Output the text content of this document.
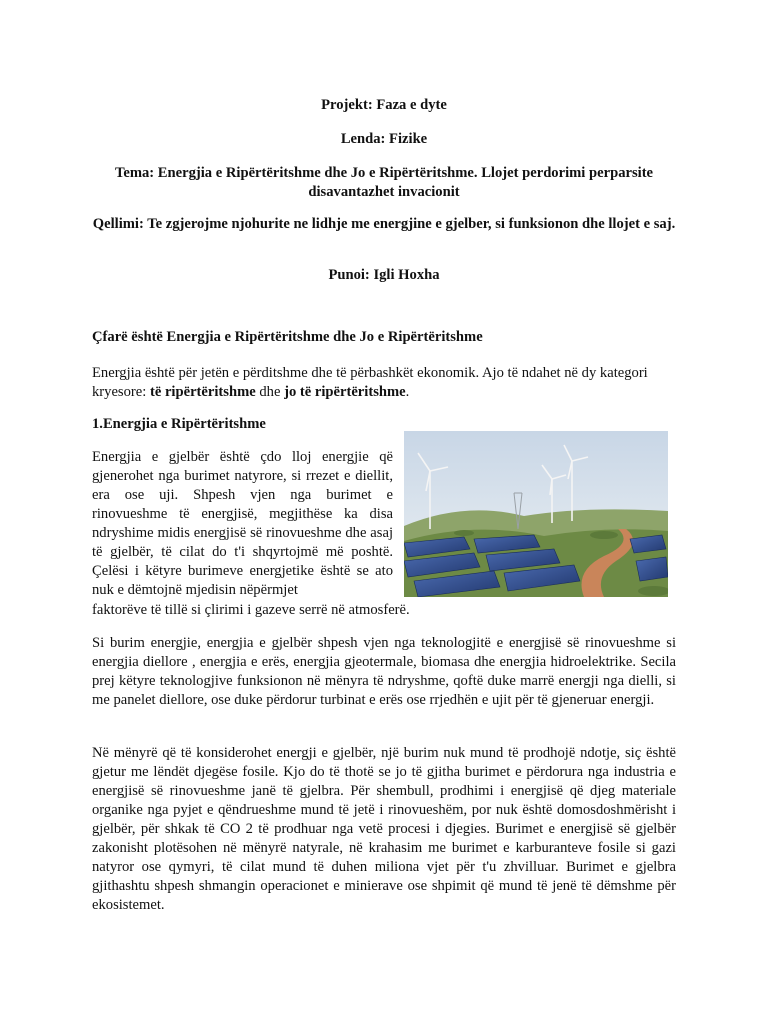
Projekt: Faza e dyte
Lenda: Fizike
Tema: Energjia e Ripërtëritshme dhe Jo e Ripërtëritshme. Llojet perdorimi perparsite disavantazhet invacionit
Qellimi: Te zgjerojme njohurite ne lidhje me energjine e gjelber, si funksionon dhe llojet e saj.
Punoi: Igli Hoxha
Çfarë është Energjia e Ripërtëritshme dhe Jo e Ripërtëritshme

Energjia është për jetën e përditshme dhe të përbashkët ekonomik. Ajo të ndahet në dy kategori kryesore: të ripërtëritshme dhe jo të ripërtëritshme.

1.Energjia e Ripërtëritshme

Energjia e gjelbër është çdo lloj energjie që gjenerohet nga burimet natyrore, si rrezet e diellit, era ose uji. Shpesh vjen nga burimet e rinovueshme të energjisë, megjithëse ka disa ndryshime midis energjisë së rinovueshme dhe asaj të gjelbër, të cilat do t'i shqyrtojmë më poshtë. Çelësi i këtyre burimeve energjetike është se ato nuk e dëmtojnë mjedisin nëpërmjet

faktorëve të tillë si çlirimi i gazeve serrë në atmosferë.

Si burim energjie, energjia e gjelbër shpesh vjen nga teknologjitë e energjisë së rinovueshme si energjia diellore , energjia e erës, energjia gjeotermale, biomasa dhe energjia hidroelektrike. Secila prej këtyre teknologjive funksionon në mënyra të ndryshme, qoftë duke marrë energji nga dielli, si me panelet diellore, ose duke përdorur turbinat e erës ose rrjedhën e ujit për të gjeneruar energji.

Në mënyrë që të konsiderohet energji e gjelbër, një burim nuk mund të prodhojë ndotje, siç është gjetur me lëndët djegëse fosile. Kjo do të thotë se jo të gjitha burimet e përdorura nga industria e energjisë së rinovueshme janë të gjelbra. Për shembull, prodhimi i energjisë që djeg materiale organike nga pyjet e qëndrueshme mund të jetë i rinovueshëm, por nuk është domosdoshmërisht i gjelbër, për shkak të CO 2 të prodhuar nga vetë procesi i djegies. Burimet e energjisë së gjelbër zakonisht plotësohen në mënyrë natyrale, në krahasim me burimet e karburanteve fosile si gazi natyror ose qymyri, të cilat mund të duhen miliona vjet për t'u zhvilluar. Burimet e gjelbra gjithashtu shpesh shmangin operacionet e minierave ose shpimit që mund të jenë të dëmshme për ekosistemet.
